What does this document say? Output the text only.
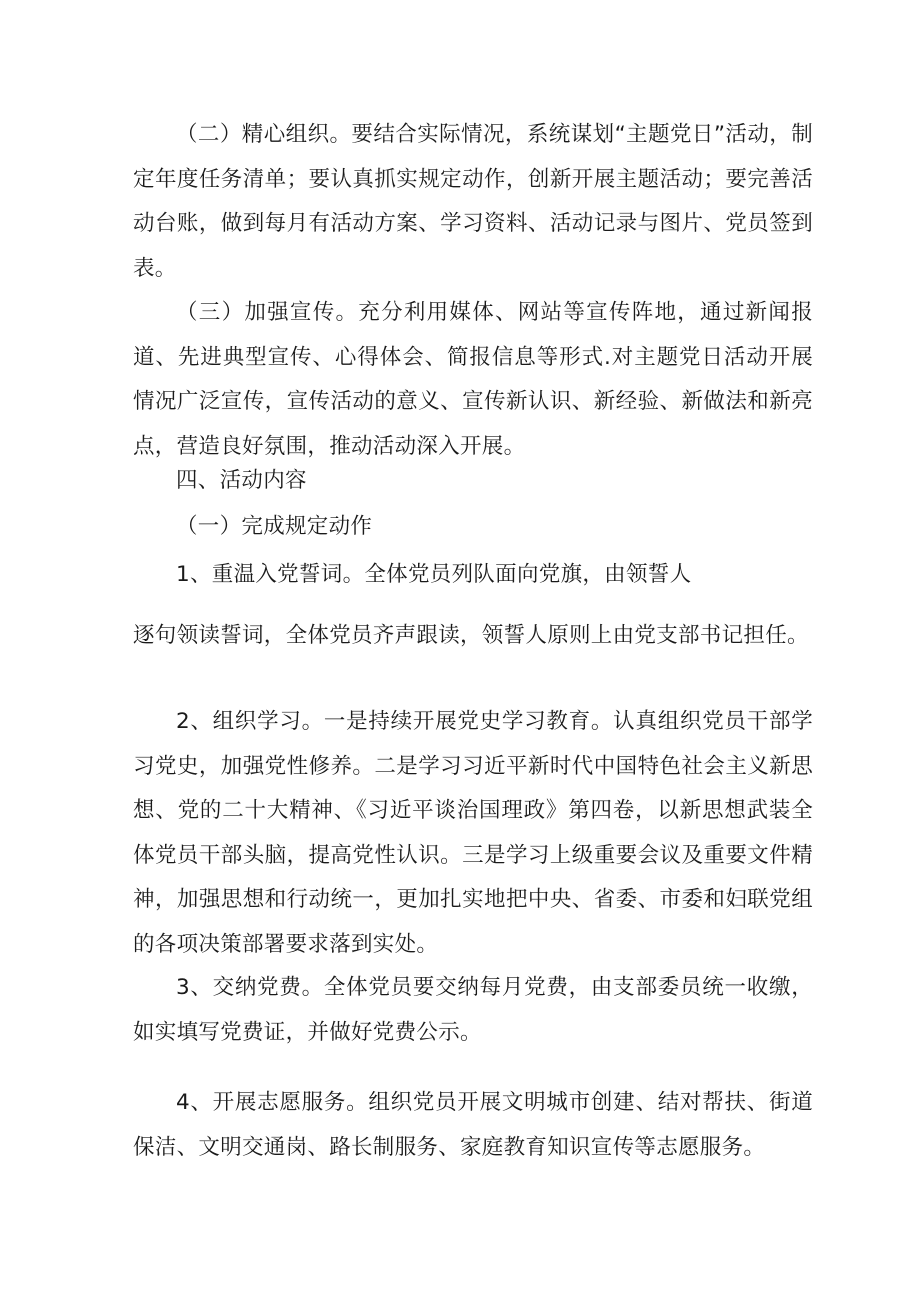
（二）精心组织。要结合实际情况，系统谋划“主题党日”活动，制定年度任务清单；要认真抓实规定动作，创新开展主题活动；要完善活动台账，做到每月有活动方案、学习资料、活动记录与图片、党员签到表。

（三）加强宣传。充分利用媒体、网站等宣传阵地，通过新闻报道、先进典型宣传、心得体会、简报信息等形式.对主题党日活动开展情况广泛宣传，宣传活动的意义、宣传新认识、新经验、新做法和新亮点，营造良好氛围，推动活动深入开展。

四、活动内容

（一）完成规定动作

1、重温入党誓词。全体党员列队面向党旗，由领誓人

逐句领读誓词，全体党员齐声跟读，领誓人原则上由党支部书记担任。

2、组织学习。一是持续开展党史学习教育。认真组织党员干部学习党史，加强党性修养。二是学习习近平新时代中国特色社会主义新思想、党的二十大精神、《习近平谈治国理政》第四卷，以新思想武装全体党员干部头脑，提高党性认识。三是学习上级重要会议及重要文件精神，加强思想和行动统一，更加扎实地把中央、省委、市委和妇联党组的各项决策部署要求落到实处。

3、交纳党费。全体党员要交纳每月党费，由支部委员统一收缴，如实填写党费证，并做好党费公示。

4、开展志愿服务。组织党员开展文明城市创建、结对帮扶、街道保洁、文明交通岗、路长制服务、家庭教育知识宣传等志愿服务。
